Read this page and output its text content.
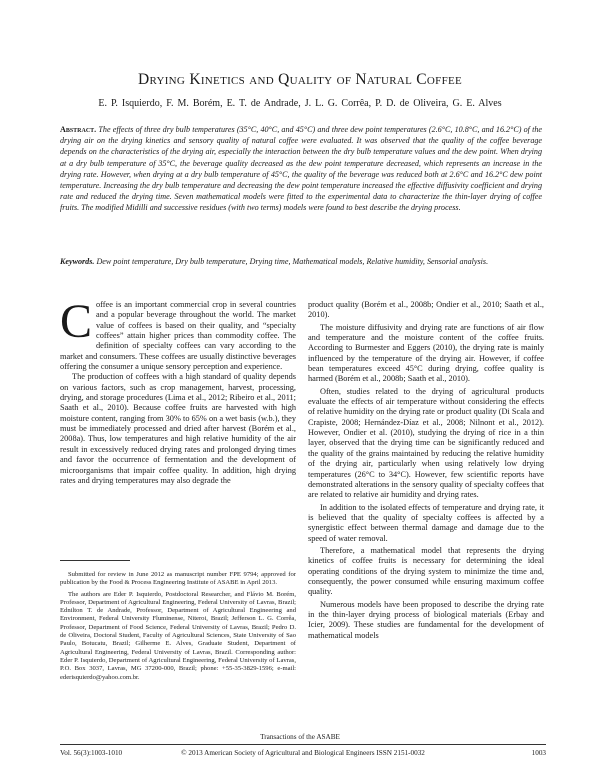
Drying Kinetics and Quality of Natural Coffee
E. P. Isquierdo , F. M. Borém , E. T. de Andrade , J. L. G. Corrêa , P. D. de Oliveira , G. E. Alves
Abstract. The effects of three dry bulb temperatures (35°C, 40°C, and 45°C) and three dew point temperatures (2.6°C, 10.8°C, and 16.2°C) of the drying air on the drying kinetics and sensory quality of natural coffee were evaluated. It was observed that the quality of the coffee beverage depends on the characteristics of the drying air, especially the interaction between the dry bulb temperature values and the dew point. When drying at a dry bulb temperature of 35°C, the beverage quality decreased as the dew point temperature decreased, which represents an increase in the drying rate. However, when drying at a dry bulb temperature of 45°C, the quality of the beverage was reduced both at 2.6°C and 16.2°C dew point temperature. Increasing the dry bulb temperature and decreasing the dew point temperature increased the effective diffusivity coefficient and drying rate and reduced the drying time. Seven mathematical models were fitted to the experimental data to characterize the thin-layer drying of coffee fruits. The modified Midilli and successive residues (with two terms) models were found to best describe the drying process.
Keywords. Dew point temperature, Dry bulb temperature, Drying time, Mathematical models, Relative humidity, Sensorial analysis.

Coffee is an important commercial crop in several countries and a popular beverage throughout the world. The market value of coffees is based on their quality, and “specialty coffees” attain higher prices than commodity coffee. The definition of specialty coffees can vary according to the market and consumers. These coffees are usually distinctive beverages offering the consumer a unique sensory perception and experience.

The production of coffees with a high standard of quality depends on various factors, such as crop management, harvest, processing, drying, and storage procedures (Lima et al., 2012; Ribeiro et al., 2011; Saath et al., 2010). Because coffee fruits are harvested with high moisture content, ranging from 30% to 65% on a wet basis (w.b.), they must be immediately processed and dried after harvest (Borém et al., 2008a). Thus, low temperatures and high relative humidity of the air result in excessively reduced drying rates and prolonged drying times and favor the occurrence of fermentation and the development of microorganisms that impair coffee quality. In addition, high drying rates and drying temperatures may also degrade the

Submitted for review in June 2012 as manuscript number FPE 9794; approved for publication by the Food & Process Engineering Institute of ASABE in April 2013.

The authors are Eder P. Isquierdo, Postdoctoral Researcher, and Flávio M. Borém, Professor, Department of Agricultural Engineering, Federal University of Lavras, Brazil; Ednilton T. de Andrade, Professor, Department of Agricultural Engineering and Environment, Federal University Fluminense, Niteroi, Brazil; Jefferson L. G. Corrêa, Professor, Department of Food Science, Federal University of Lavras, Brazil; Pedro D. de Oliveira, Doctoral Student, Faculty of Agricultural Sciences, State University of Sao Paulo, Botucatu, Brazil; Gilherme E. Alves, Graduate Student, Department of Agricultural Engineering, Federal University of Lavras, Brazil. Corresponding author: Eder P. Isquierdo, Department of Agricultural Engineering, Federal University of Lavras, P.O. Box 3037, Lavras, MG 37200-000, Brazil; phone: +55-35-3829-1596; e-mail: ederisquierdo@yahoo.com.br.

product quality (Borém et al., 2008b; Ondier et al., 2010; Saath et al., 2010).

The moisture diffusivity and drying rate are functions of air flow and temperature and the moisture content of the coffee fruits. According to Burmester and Eggers (2010), the drying rate is mainly influenced by the temperature of the drying air. However, if coffee bean temperatures exceed 45°C during drying, coffee quality is harmed (Borém et al., 2008b; Saath et al., 2010).

Often, studies related to the drying of agricultural products evaluate the effects of air temperature without considering the effects of relative humidity on the drying rate or product quality (Di Scala and Crapiste, 2008; Hernández-Díaz et al., 2008; Nilnont et al., 2012). However, Ondier et al. (2010), studying the drying of rice in a thin layer, observed that the drying time can be significantly reduced and the quality of the grains maintained by reducing the relative humidity of the drying air, particularly when using relatively low drying temperatures (26°C to 34°C). However, few scientific reports have demonstrated alterations in the sensory quality of specialty coffees that are related to relative air humidity and drying rates.

In addition to the isolated effects of temperature and drying rate, it is believed that the quality of specialty coffees is affected by a synergistic effect between thermal damage and damage due to the speed of water removal.

Therefore, a mathematical model that represents the drying kinetics of coffee fruits is necessary for determining the ideal operating conditions of the drying system to minimize the time and, consequently, the power consumed while ensuring maximum coffee quality.

Numerous models have been proposed to describe the drying rate in the thin-layer drying process of biological materials (Erbay and Icier, 2009). These studies are fundamental for the development of mathematical models

Transactions of the ASABE
Vol. 56(3):1003-1010	© 2013 American Society of Agricultural and Biological Engineers ISSN 2151-0032	1003
